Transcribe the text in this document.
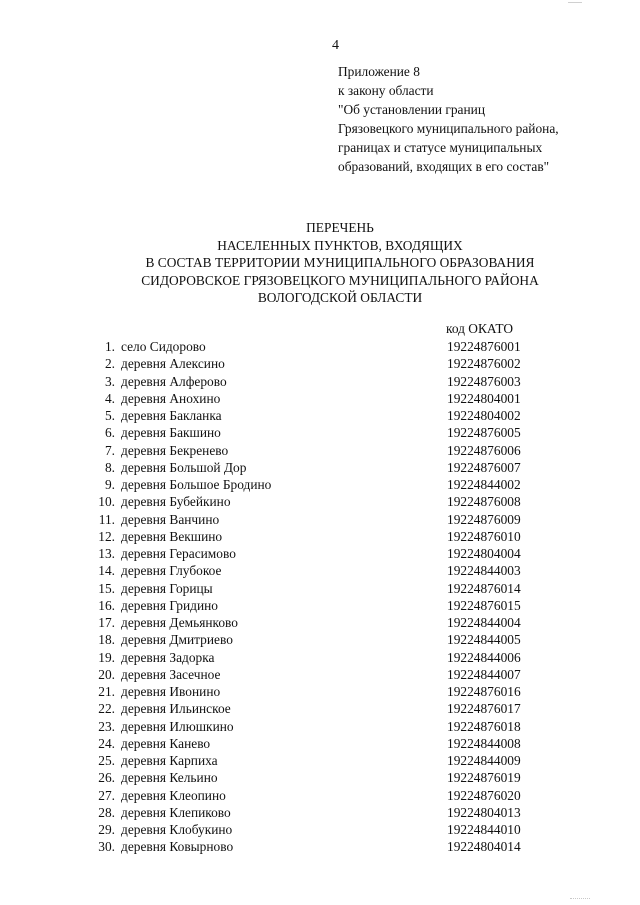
4
Приложение 8
к закону области
"Об установлении границ
Грязовецкого муниципального района,
границах и статусе муниципальных
образований, входящих в его состав"
ПЕРЕЧЕНЬ
НАСЕЛЕННЫХ ПУНКТОВ, ВХОДЯЩИХ
В СОСТАВ ТЕРРИТОРИИ МУНИЦИПАЛЬНОГО ОБРАЗОВАНИЯ
СИДОРОВСКОЕ ГРЯЗОВЕЦКОГО МУНИЦИПАЛЬНОГО РАЙОНА
ВОЛОГОДСКОЙ ОБЛАСТИ
код ОКАТО
1. село Сидорово	19224876001
2. деревня Алексино	19224876002
3. деревня Алферово	19224876003
4. деревня Анохино	19224804001
5. деревня Бакланка	19224804002
6. деревня Бакшино	19224876005
7. деревня Бекренево	19224876006
8. деревня Большой Дор	19224876007
9. деревня Большое Бродино	19224844002
10. деревня Бубейкино	19224876008
11. деревня Ванчино	19224876009
12. деревня Векшино	19224876010
13. деревня Герасимово	19224804004
14. деревня Глубокое	19224844003
15. деревня Горицы	19224876014
16. деревня Гридино	19224876015
17. деревня Демьянково	19224844004
18. деревня Дмитриево	19224844005
19. деревня Задорка	19224844006
20. деревня Засечное	19224844007
21. деревня Ивонино	19224876016
22. деревня Ильинское	19224876017
23. деревня Илюшкино	19224876018
24. деревня Канево	19224844008
25. деревня Карпиха	19224844009
26. деревня Кельино	19224876019
27. деревня Клеопино	19224876020
28. деревня Клепиково	19224804013
29. деревня Клобукино	19224844010
30. деревня Ковырново	19224804014
